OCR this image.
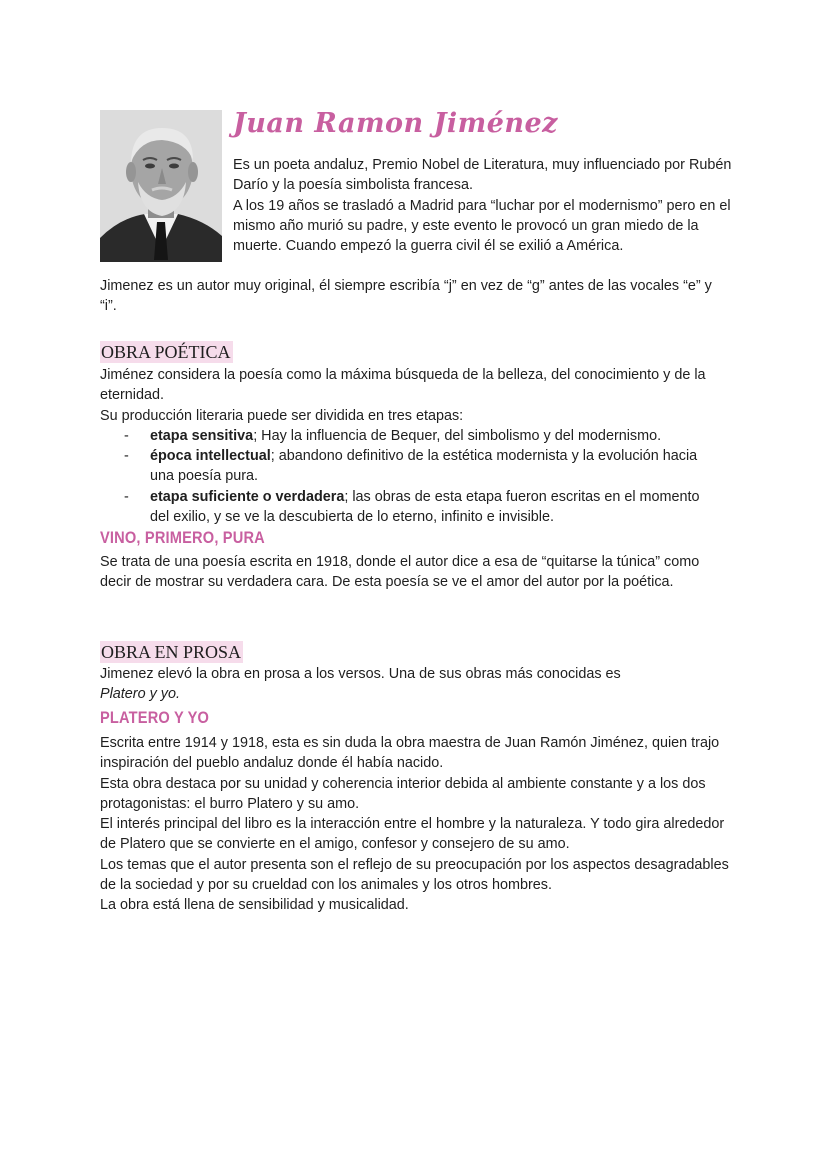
Juan Ramon Jiménez

Es un poeta andaluz, Premio Nobel de Literatura, muy influenciado por Rubén Darío y la poesía simbolista francesa.

A los 19 años se trasladó a Madrid para “luchar por el modernismo” pero en el mismo año murió su padre, y este evento le provocó un gran miedo de la muerte. Cuando empezó la guerra civil él se exilió a América.

Jimenez es un autor muy original, él siempre escribía “j” en vez de “g” antes de las vocales “e” y “i”.

OBRA POÉTICA

Jiménez considera la poesía como la máxima búsqueda de la belleza, del conocimiento y de la eternidad.

Su producción literaria puede ser dividida en tres etapas:

- etapa sensitiva; Hay la influencia de Bequer, del simbolismo y del modernismo.
- época intellectual; abandono definitivo de la estética modernista y la evolución hacia una poesía pura.
- etapa suficiente o verdadera; las obras de esta etapa fueron escritas en el momento del exilio, y se ve la descubierta de lo eterno, infinito e invisible.
VINO, PRIMERO, PURA

Se trata de una poesía escrita en 1918, donde el autor dice a esa de “quitarse la túnica” como decir de mostrar su verdadera cara. De esta poesía se ve el amor del autor por la poética.

OBRA EN PROSA

Jimenez elevó la obra en prosa a los versos. Una de sus obras más conocidas es
Platero y yo.

PLATERO Y YO

Escrita entre 1914 y 1918, esta es sin duda la obra maestra de Juan Ramón Jiménez, quien trajo inspiración del pueblo andaluz donde él había nacido.

Esta obra destaca por su unidad y coherencia interior debida al ambiente constante y a los dos protagonistas: el burro Platero y su amo.

El interés principal del libro es la interacción entre el hombre y la naturaleza. Y todo gira alrededor de Platero que se convierte en el amigo, confesor y consejero de su amo.

Los temas que el autor presenta son el reflejo de su preocupación por los aspectos desagradables de la sociedad y por su crueldad con los animales y los otros hombres.

La obra está llena de sensibilidad y musicalidad.
